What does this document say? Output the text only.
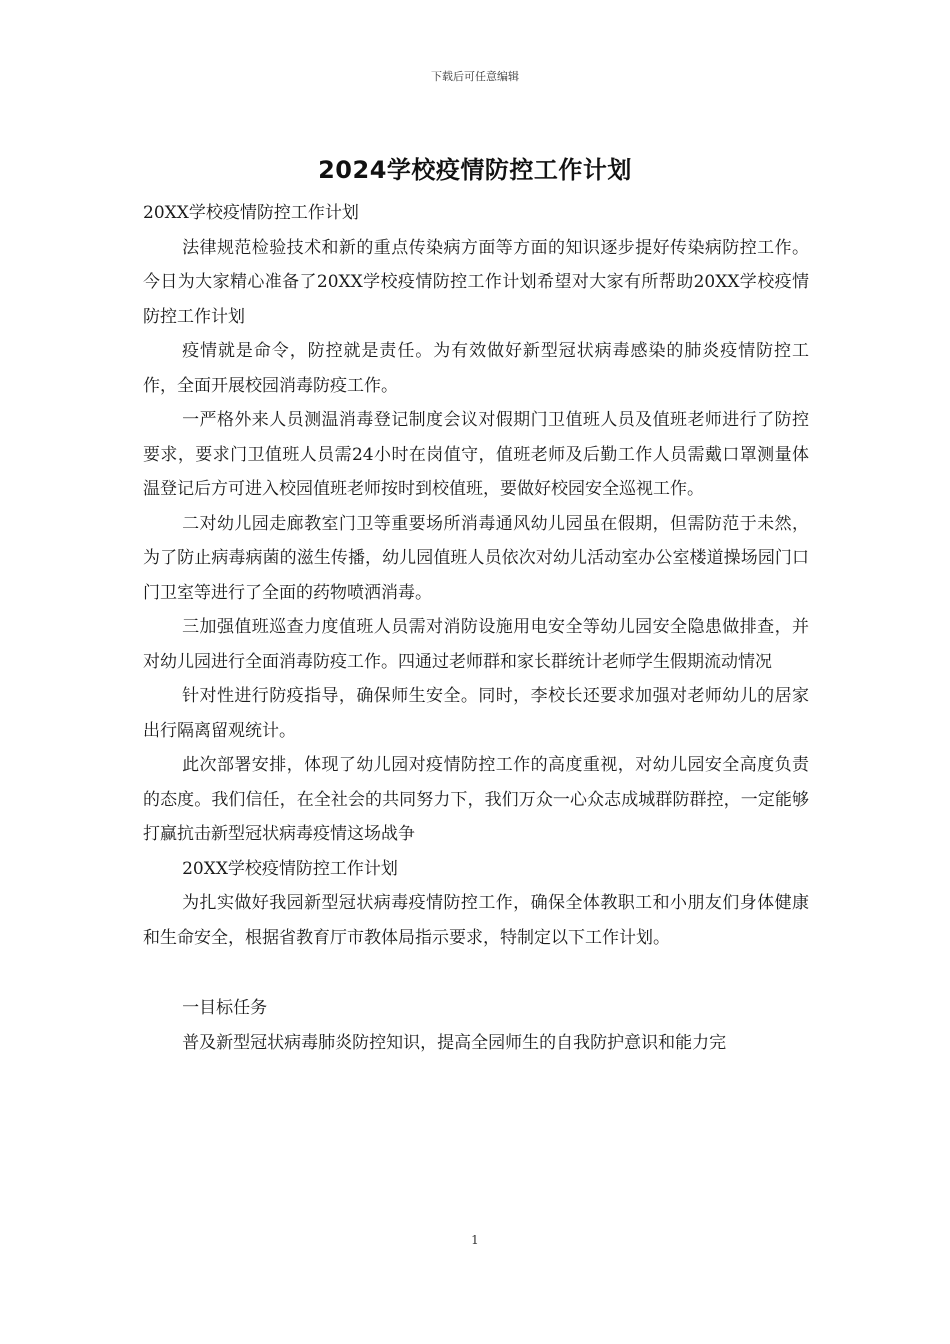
下载后可任意编辑
2024学校疫情防控工作计划

20XX学校疫情防控工作计划

法律规范检验技术和新的重点传染病方面等方面的知识逐步提好传染病防控工作。今日为大家精心准备了20XX学校疫情防控工作计划希望对大家有所帮助20XX学校疫情防控工作计划

疫情就是命令，防控就是责任。为有效做好新型冠状病毒感染的肺炎疫情防控工作，全面开展校园消毒防疫工作。

一严格外来人员测温消毒登记制度会议对假期门卫值班人员及值班老师进行了防控要求，要求门卫值班人员需24小时在岗值守，值班老师及后勤工作人员需戴口罩测量体温登记后方可进入校园值班老师按时到校值班，要做好校园安全巡视工作。

二对幼儿园走廊教室门卫等重要场所消毒通风幼儿园虽在假期，但需防范于未然，为了防止病毒病菌的滋生传播，幼儿园值班人员依次对幼儿活动室办公室楼道操场园门口门卫室等进行了全面的药物喷洒消毒。

三加强值班巡查力度值班人员需对消防设施用电安全等幼儿园安全隐患做排查，并对幼儿园进行全面消毒防疫工作。四通过老师群和家长群统计老师学生假期流动情况

针对性进行防疫指导，确保师生安全。同时，李校长还要求加强对老师幼儿的居家出行隔离留观统计。

此次部署安排，体现了幼儿园对疫情防控工作的高度重视，对幼儿园安全高度负责的态度。我们信任，在全社会的共同努力下，我们万众一心众志成城群防群控，一定能够打赢抗击新型冠状病毒疫情这场战争

20XX学校疫情防控工作计划

为扎实做好我园新型冠状病毒疫情防控工作，确保全体教职工和小朋友们身体健康和生命安全，根据省教育厅市教体局指示要求，特制定以下工作计划。

一目标任务

普及新型冠状病毒肺炎防控知识，提高全园师生的自我防护意识和能力完

1
